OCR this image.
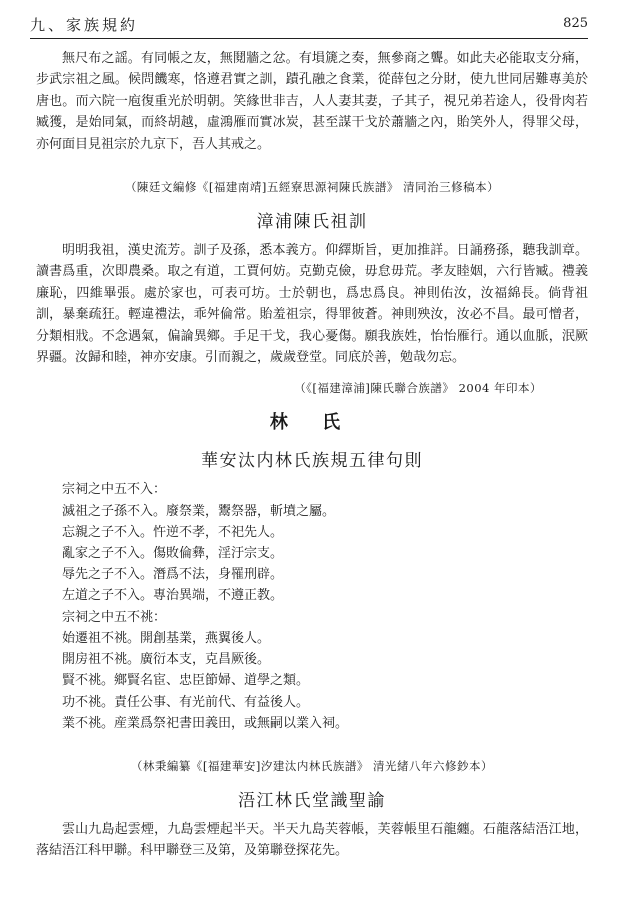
九、家族規約	825

無尺布之謡。有同帳之友，無鬩牆之忿。有塤篪之奏，無參商之聾。如此夫必能取支分痛，步武宗祖之風。候問饑寒，恪遵君實之訓，蹟孔融之食業，從薛包之分財，使九世同居難專美於唐也。而六院一庖復重光於明朝。笑緣世非吉，人人妻其妻，子其子，視兄弟若途人，役骨肉若臧獲，是始同氣，而終胡越，虛鴻雁而實冰炭，甚至謀干戈於蕭牆之內，貽笑外人，得罪父母，亦何面目見祖宗於九京下，吾人其戒之。

（陳廷文編修《[福建南靖]五經寮思源祠陳氏族譜》 清同治三修稿本）

漳浦陳氏祖訓

明明我祖，漢史流芳。訓子及孫，悉本義方。仰繹斯旨，更加推詳。日誦務孫，聽我訓章。讀書爲重，次即農桑。取之有道，工賈何妨。克勤克儉，毋怠毋荒。孝友睦姻，六行皆臧。禮義廉恥，四維畢張。處於家也，可表可坊。士於朝也，爲忠爲良。神則佑汝，汝福綿長。倘背祖訓，暴棄疏狂。輕違禮法，乖舛倫常。貽羞祖宗，得罪彼蒼。神則殃汝，汝必不昌。最可憎者，分類相戕。不念遇氣，偏論異鄉。手足干戈，我心憂傷。願我族姓，怡怡雁行。通以血脈，泯厥界疆。汝歸和睦，神亦安康。引而親之，歲歲登堂。同底於善，勉哉勿忘。

（《[福建漳浦]陳氏聯合族譜》 2004 年印本）

林 氏
華安汰内林氏族規五律句則

宗祠之中五不入：

滅祖之子孫不入。廢祭業，鬻祭器，斬墳之屬。

忘親之子不入。忤逆不孝，不祀先人。

亂家之子不入。傷敗倫彝，淫汙宗支。

辱先之子不入。潛爲不法，身罹刑辟。

左道之子不入。專治異端，不遵正教。

宗祠之中五不祧：

始遷祖不祧。開創基業，燕翼後人。

開房祖不祧。廣衍本支，克昌厥後。

賢不祧。鄉賢名宦、忠臣節婦、道學之類。

功不祧。責任公事、有光前代、有益後人。

業不祧。産業爲祭祀書田義田，或無嗣以業入祠。

（林秉編纂《[福建華安]汐建汰内林氏族譜》 清光緒八年六修鈔本）

浯江林氏堂識聖諭

雲山九島起雲煙，九島雲煙起半天。半天九島芙蓉帳，芙蓉帳里石龍纏。石龍落結浯江地，落結浯江科甲聯。科甲聯登三及第，及第聯登探花先。
